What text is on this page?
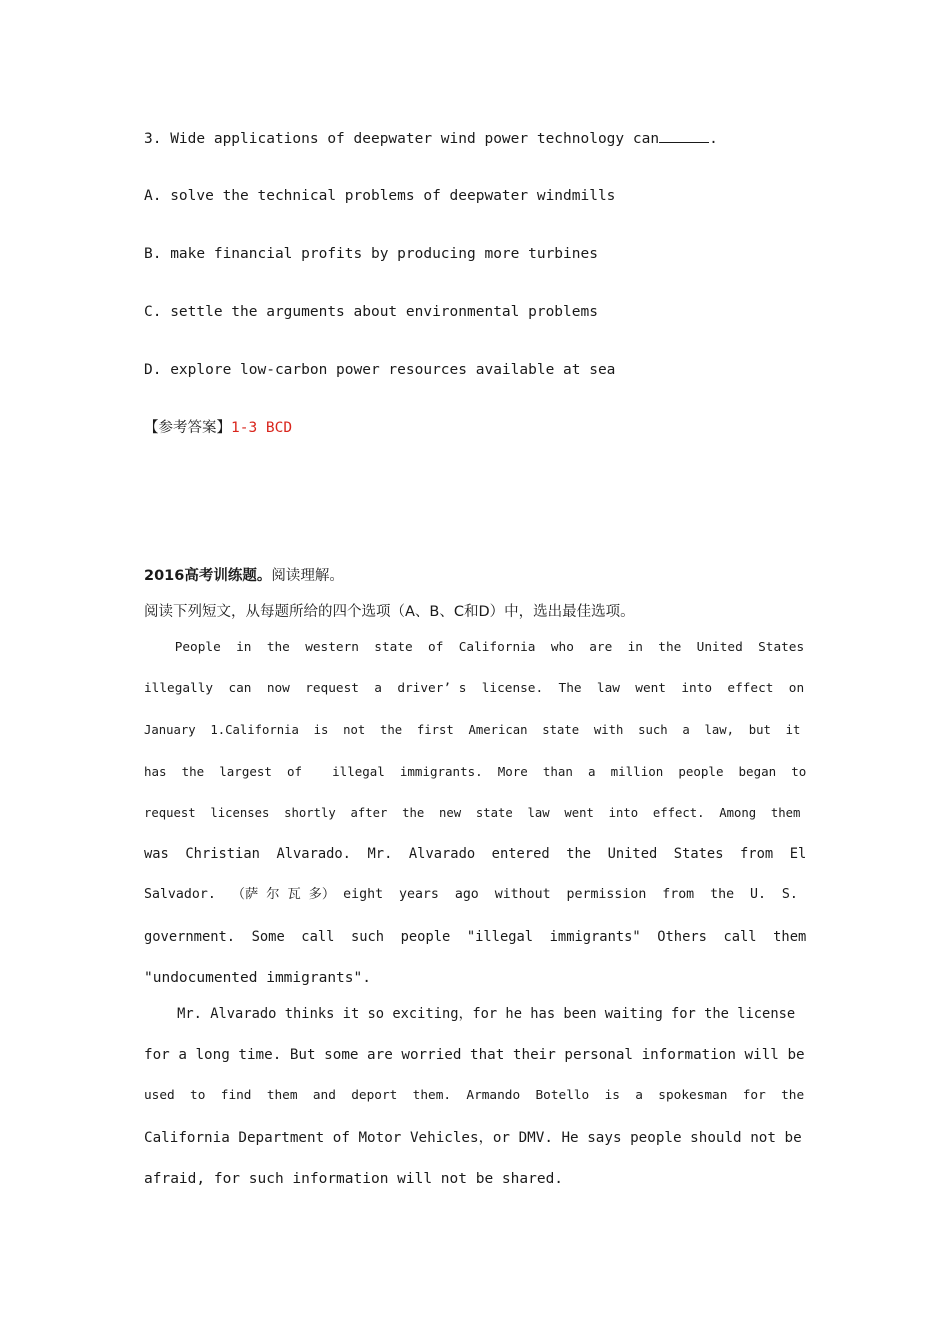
3. Wide applications of deepwater wind power technology can	.
A. solve the technical problems of deepwater windmills
B. make financial profits by producing more turbines
C. settle the arguments about environmental problems
D. explore low-carbon power resources available at sea
【参考答案】1-3 BCD
2016高考训练题。阅读理解。
阅读下列短文，从每题所给的四个选项（A、B、C和D）中，选出最佳选项。
People  in  the  western  state  of  California  who  are  in  the  United  States
illegally  can  now  request  a  driver’ s  license.  The  law  went  into  effect  on
January  1.California  is  not  the  first  American  state  with  such  a  law,  but  it
has  the  largest  of    illegal  immigrants.  More  than  a  million  people  began  to
request  licenses  shortly  after  the  new  state  law  went  into  effect.  Among  them
was  Christian  Alvarado.  Mr.  Alvarado  entered  the  United  States  from  El
Salvador.  （萨 尔 瓦 多） eight  years  ago  without  permission  from  the  U.  S.
government.  Some  call  such  people  "illegal  immigrants"  Others  call  them
"undocumented immigrants".
Mr. Alvarado thinks it so exciting，for he has been waiting for the license
for a long time. But some are worried that their personal information will be
used  to  find  them  and  deport  them.  Armando  Botello  is  a  spokesman  for  the
California Department of Motor Vehicles，or DMV. He says people should not be
afraid, for such information will not be shared.
